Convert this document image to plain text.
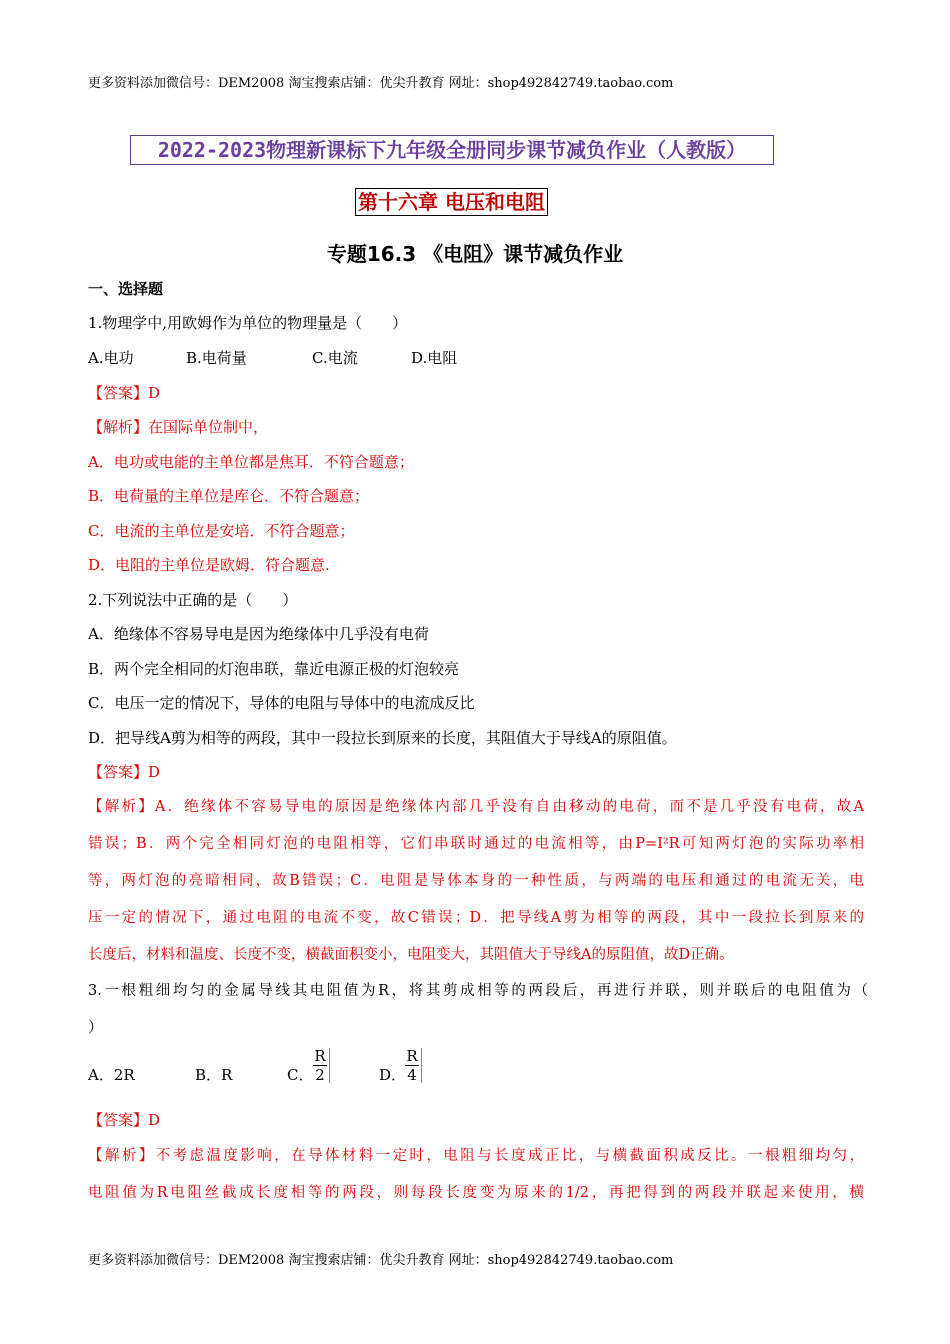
更多资料添加微信号：DEM2008 淘宝搜索店铺：优尖升教育 网址：shop492842749.taobao.com
2022-2023物理新课标下九年级全册同步课节减负作业（人教版）
第十六章 电压和电阻
专题16.3 《电阻》课节减负作业
一、选择题
1.物理学中,用欧姆作为单位的物理量是（　　）
A.电功	B.电荷量	C.电流	D.电阻
【答案】D
【解析】在国际单位制中，
A．电功或电能的主单位都是焦耳．不符合题意；
B．电荷量的主单位是库仑．不符合题意；
C．电流的主单位是安培．不符合题意；
D．电阻的主单位是欧姆．符合题意.
2.下列说法中正确的是（　　）
A．绝缘体不容易导电是因为绝缘体中几乎没有电荷
B．两个完全相同的灯泡串联，靠近电源正极的灯泡较亮
C．电压一定的情况下，导体的电阻与导体中的电流成反比
D．把导线A剪为相等的两段，其中一段拉长到原来的长度，其阻值大于导线A的原阻值。
【答案】D
【解析】A．绝缘体不容易导电的原因是绝缘体内部几乎没有自由移动的电荷，而不是几乎没有电荷，故A
错误；B．两个完全相同灯泡的电阻相等，它们串联时通过的电流相等，由P=I²R可知两灯泡的实际功率相
等，两灯泡的亮暗相同，故B错误；C．电阻是导体本身的一种性质，与两端的电压和通过的电流无关，电
压一定的情况下，通过电阻的电流不变，故C错误；D．把导线A剪为相等的两段，其中一段拉长到原来的
长度后，材料和温度、长度不变，横截面积变小，电阻变大，其阻值大于导线A的原阻值，故D正确。
3.一根粗细均匀的金属导线其电阻值为R，将其剪成相等的两段后，再进行并联，则并联后的电阻值为（
）
A．2R	B．R	C．
R
2	D．
R
4
【答案】D
【解析】不考虑温度影响，在导体材料一定时，电阻与长度成正比，与横截面积成反比。一根粗细均匀，
电阻值为R电阻丝截成长度相等的两段，则每段长度变为原来的1/2，再把得到的两段并联起来使用，横
更多资料添加微信号：DEM2008 淘宝搜索店铺：优尖升教育 网址：shop492842749.taobao.com
